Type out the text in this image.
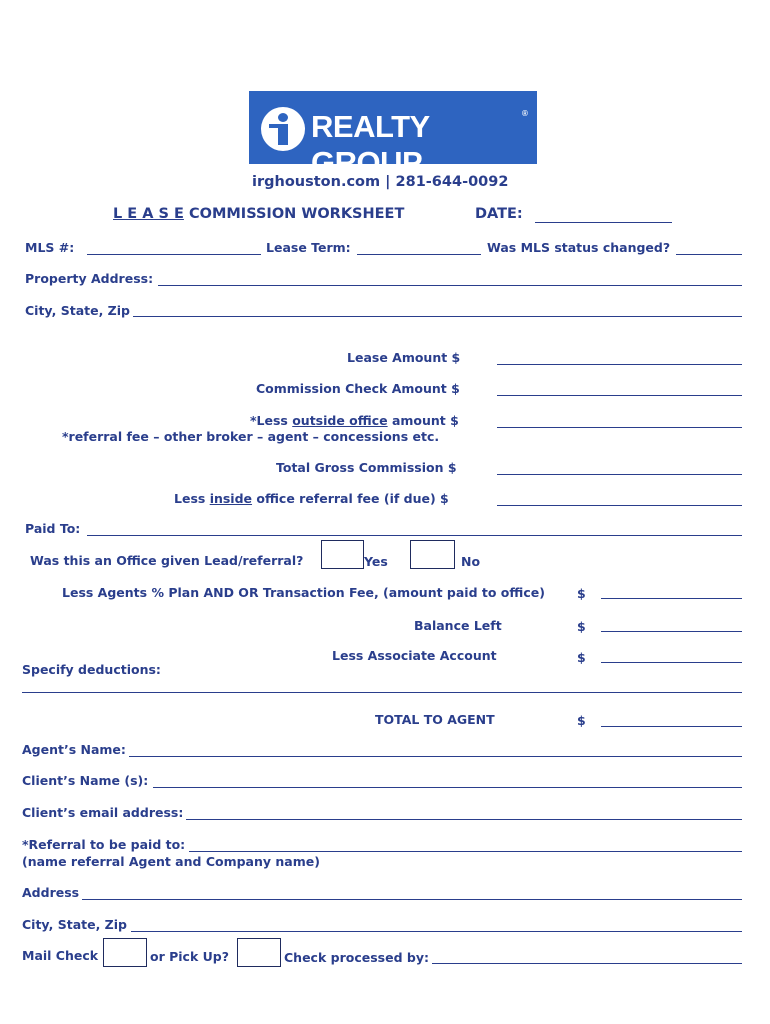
REALTY GROUP
®
irghouston.com | 281-644-0092
L E A S E COMMISSION WORKSHEET	DATE:
MLS #:	Lease Term:	Was MLS status changed?
Property Address:
City, State, Zip
Lease Amount $
Commission Check Amount $
*Less outside office amount $
*referral fee – other broker – agent – concessions etc.
Total Gross Commission $
Less inside office referral fee (if due) $
Paid To:
Was this an Office given Lead/referral?	Yes	No
Less Agents % Plan AND OR Transaction Fee, (amount paid to office)	$
Balance Left	$
Less Associate Account	$
Specify deductions:
TOTAL TO AGENT	$
Agent’s Name:
Client’s Name (s):
Client’s email address:
*Referral to be paid to:
(name referral Agent and Company name)
Address
City, State, Zip
Mail Check	or Pick Up?	Check processed by:
